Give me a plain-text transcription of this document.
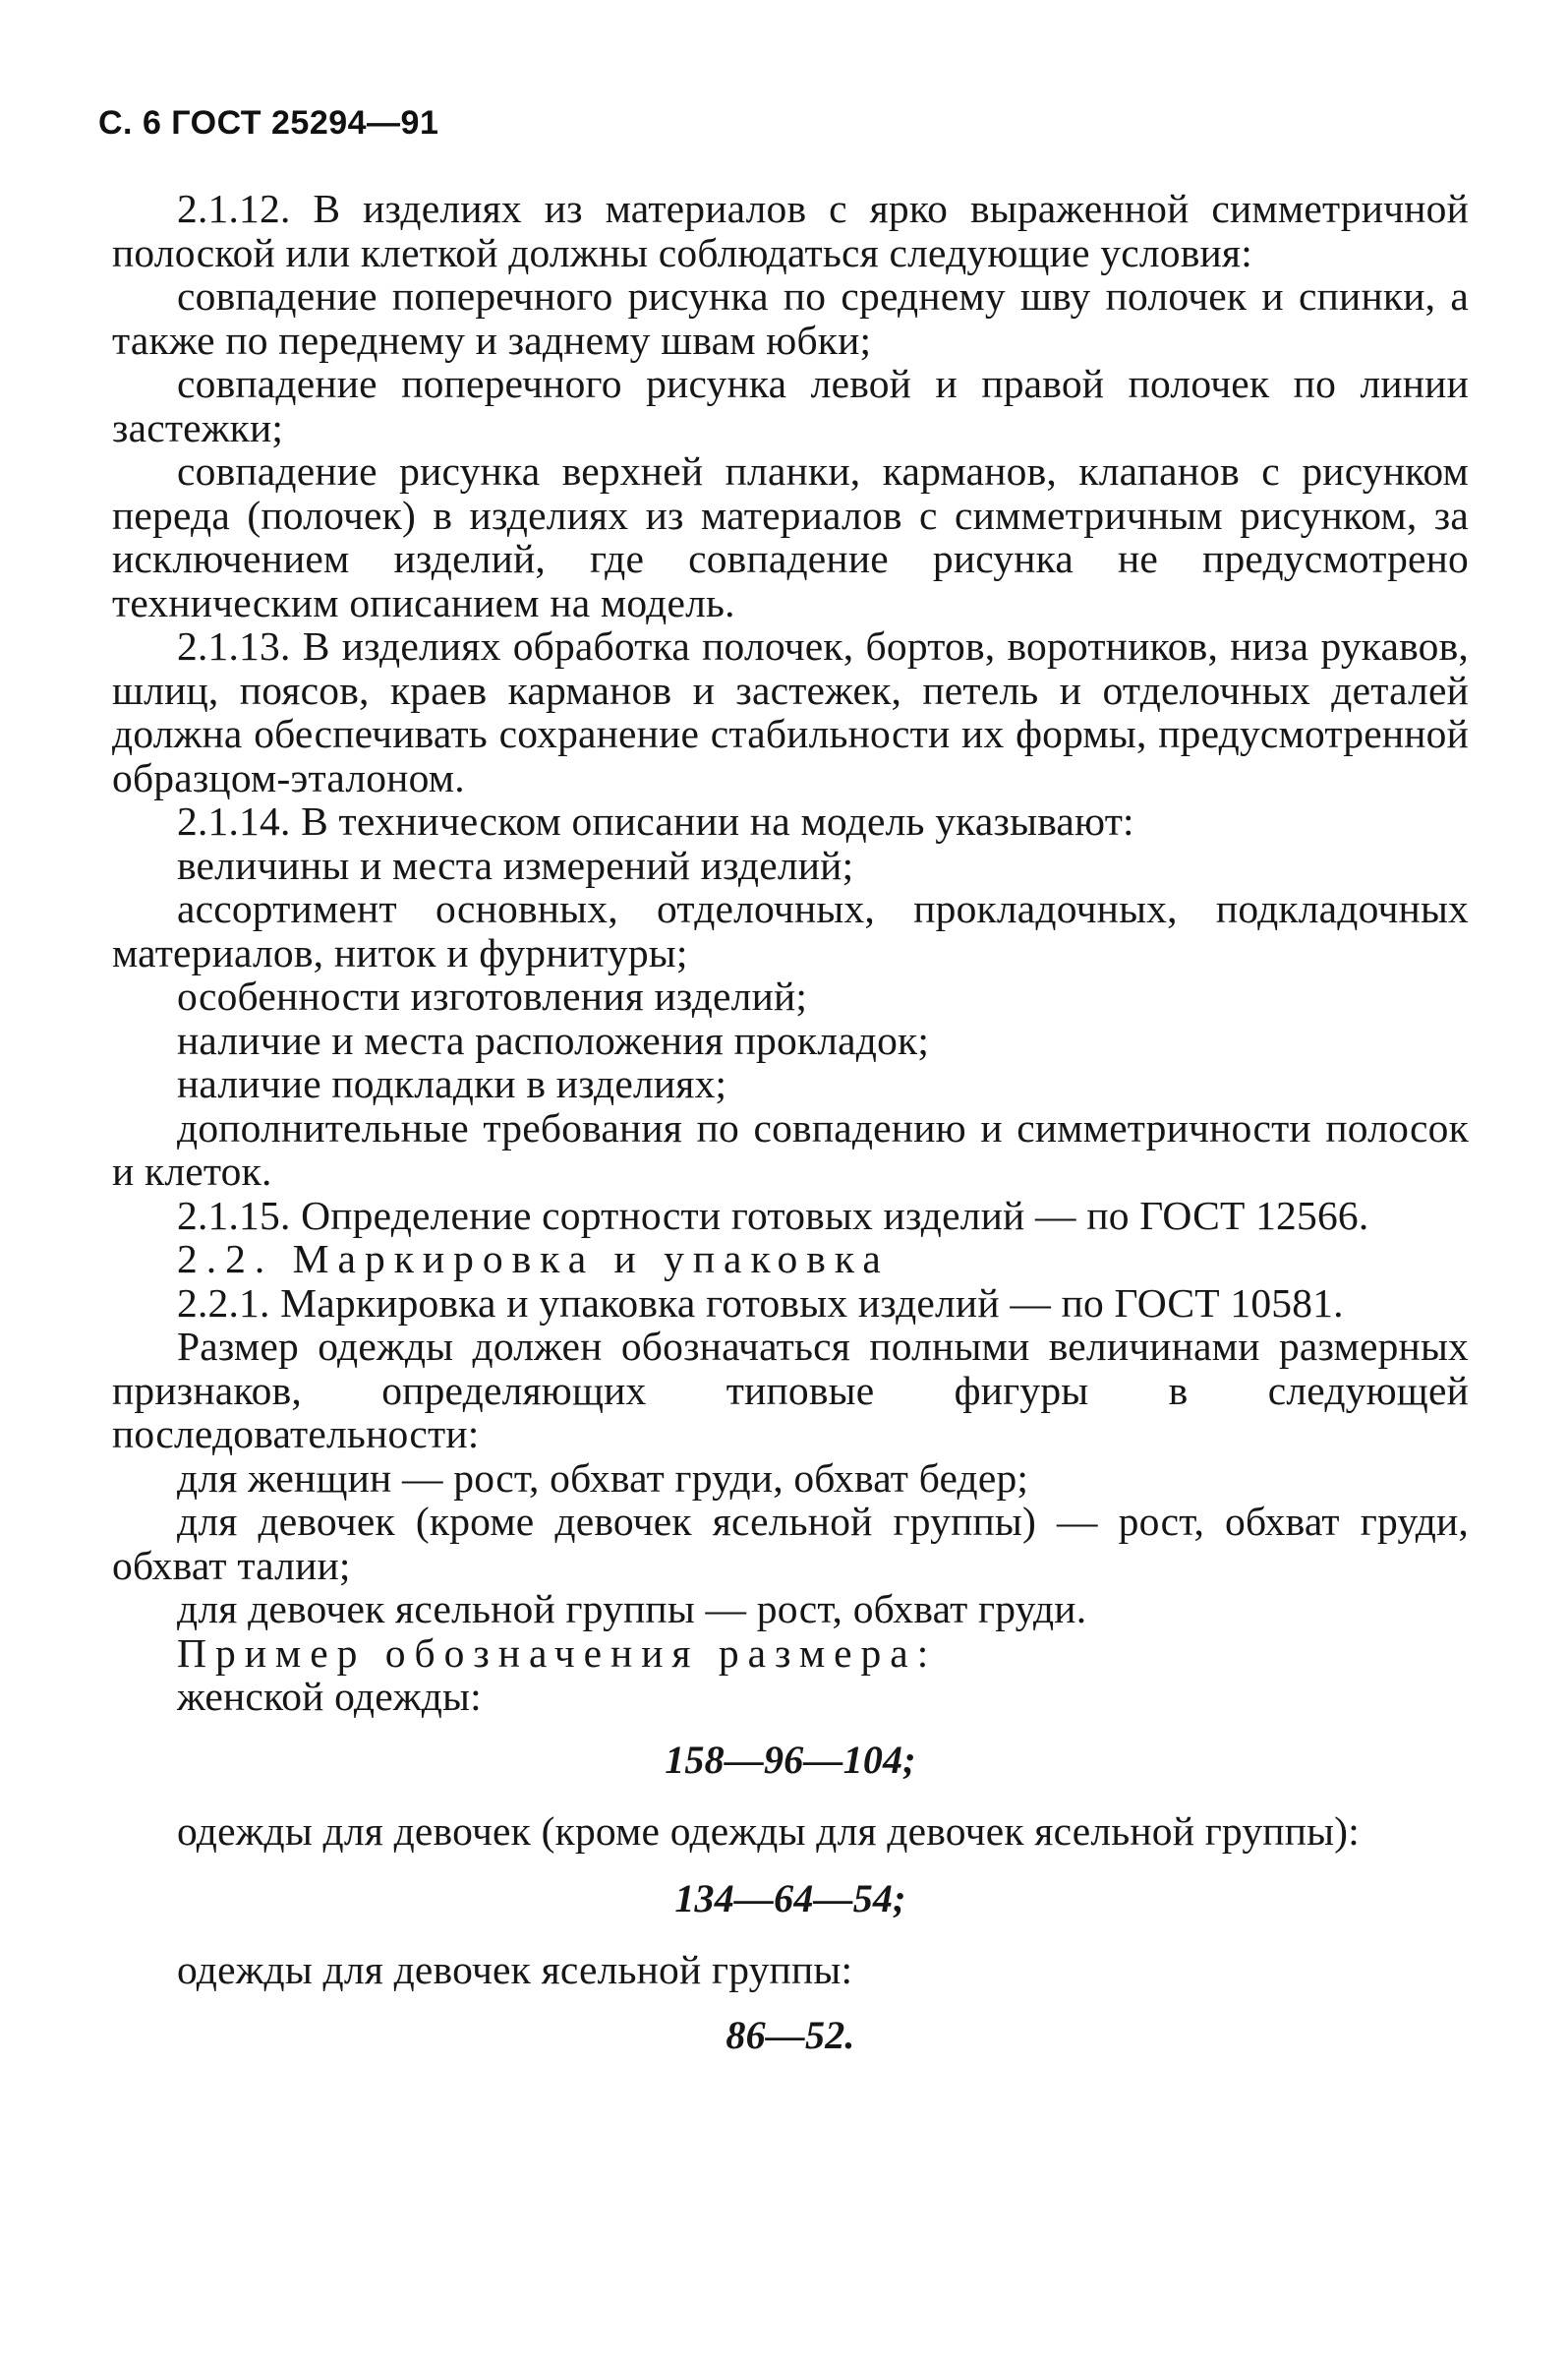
С. 6 ГОСТ 25294—91

2.1.12. В изделиях из материалов с ярко выраженной симметричной полоской или клеткой должны соблюдаться следующие условия:

совпадение поперечного рисунка по среднему шву полочек и спинки, а также по переднему и заднему швам юбки;

совпадение поперечного рисунка левой и правой полочек по линии застежки;

совпадение рисунка верхней планки, карманов, клапанов с рисунком переда (полочек) в изделиях из материалов с симметричным рисунком, за исключением изделий, где совпадение рисунка не предусмотрено техническим описанием на модель.

2.1.13. В изделиях обработка полочек, бортов, воротников, низа рукавов, шлиц, поясов, краев карманов и застежек, петель и отделочных деталей должна обеспечивать сохранение стабильности их формы, предусмотренной образцом-эталоном.

2.1.14. В техническом описании на модель указывают:

величины и места измерений изделий;

ассортимент основных, отделочных, прокладочных, подкладочных материалов, ниток и фурнитуры;

особенности изготовления изделий;

наличие и места расположения прокладок;

наличие подкладки в изделиях;

дополнительные требования по совпадению и симметричности полосок и клеток.

2.1.15. Определение сортности готовых изделий — по ГОСТ 12566.

2.2. Маркировка и упаковка

2.2.1. Маркировка и упаковка готовых изделий — по ГОСТ 10581.

Размер одежды должен обозначаться полными величинами размерных признаков, определяющих типовые фигуры в следующей последовательности:

для женщин — рост, обхват груди, обхват бедер;

для девочек (кроме девочек ясельной группы) — рост, обхват груди, обхват талии;

для девочек ясельной группы — рост, обхват груди.

Пример обозначения размера:

женской одежды:

158—96—104;

одежды для девочек (кроме одежды для девочек ясельной группы):

134—64—54;

одежды для девочек ясельной группы:

86—52.
